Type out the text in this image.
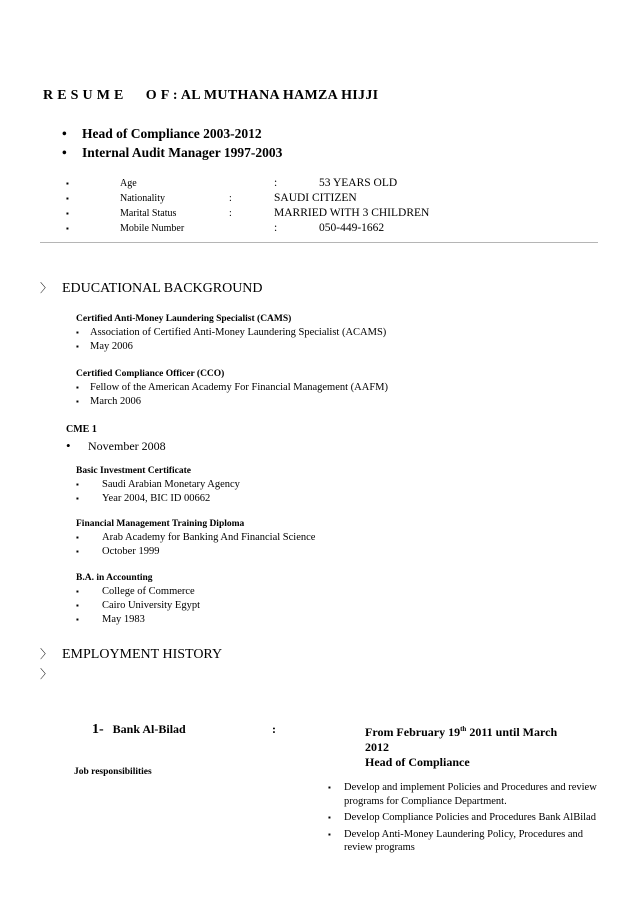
R E S U M E O F : AL MUTHANA HAMZA HIJJI
• Head of Compliance 2003-2012
• Internal Audit Manager 1997-2003
▪	Age	:	53 YEARS OLD
▪	Nationality	:	SAUDI CITIZEN
▪	Marital Status	:	MARRIED WITH 3 CHILDREN
▪	Mobile Number	:	050-449-1662
〉 EDUCATIONAL BACKGROUND
Certified Anti-Money Laundering Specialist (CAMS)
▪ Association of Certified Anti-Money Laundering Specialist (ACAMS)
▪ May 2006
Certified Compliance Officer (CCO)
▪ Fellow of the American Academy For Financial Management (AAFM)
▪ March 2006
CME 1
• November 2008
Basic Investment Certificate
▪ Saudi Arabian Monetary Agency
▪ Year 2004, BIC ID 00662
Financial Management Training Diploma
▪ Arab Academy for Banking And Financial Science
▪ October 1999
B.A. in Accounting
▪ College of Commerce
▪ Cairo University Egypt
▪ May 1983
〉 EMPLOYMENT HISTORY
〉
1- Bank Al-Bilad	:	From February 19th 2011 until March
2012
Head of Compliance
Job responsibilities
▪ Develop and implement Policies and Procedures and review programs for Compliance Department.
▪ Develop Compliance Policies and Procedures Bank AlBilad
▪ Develop Anti-Money Laundering Policy, Procedures and review programs
